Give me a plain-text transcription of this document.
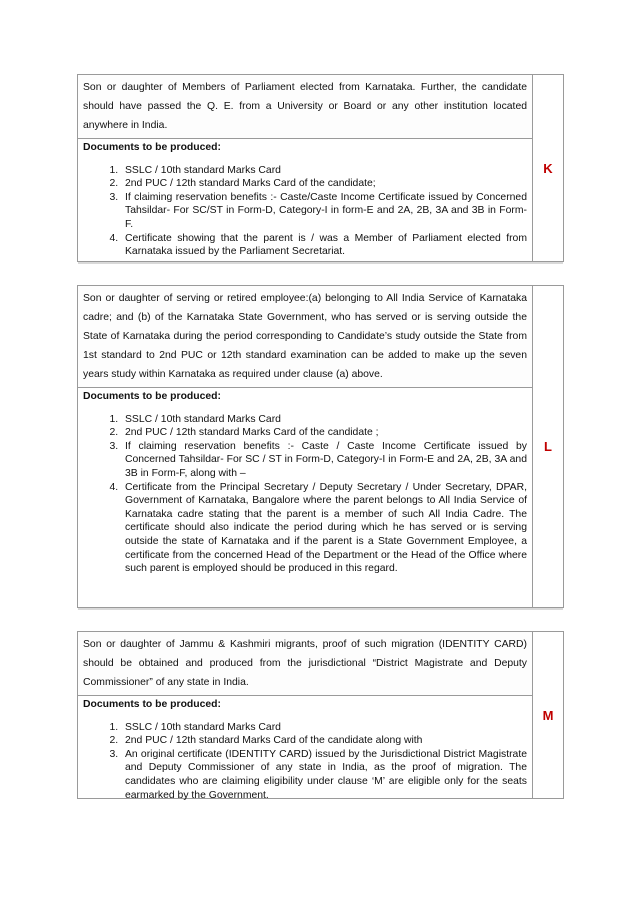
Son or daughter of Members of Parliament elected from Karnataka. Further, the candidate should have passed the Q. E. from a University or Board or any other institution located anywhere in India.
Documents to be produced:
1. SSLC / 10th standard Marks Card
2. 2nd PUC / 12th standard Marks Card of the candidate;
3. If claiming reservation benefits :- Caste/Caste Income Certificate issued by Concerned Tahsildar- For SC/ST in Form-D, Category-I in form-E and 2A, 2B, 3A and 3B in Form-F.
4. Certificate showing that the parent is / was a Member of Parliament elected from Karnataka issued by the Parliament Secretariat.
K
Son or daughter of serving or retired employee:(a) belonging to All India Service of Karnataka cadre; and (b) of the Karnataka State Government, who has served or is serving outside the State of Karnataka during the period corresponding to Candidate’s study outside the State from 1st standard to 2nd PUC or 12th standard examination can be added to make up the seven years study within Karnataka as required under clause (a) above.
Documents to be produced:
1. SSLC / 10th standard Marks Card
2. 2nd PUC / 12th standard Marks Card of the candidate ;
3. If claiming reservation benefits :- Caste / Caste Income Certificate issued by Concerned Tahsildar- For SC / ST in Form-D, Category-I in Form-E and 2A, 2B, 3A and 3B in Form-F, along with –
4. Certificate from the Principal Secretary / Deputy Secretary / Under Secretary, DPAR, Government of Karnataka, Bangalore where the parent belongs to All India Service of Karnataka cadre stating that the parent is a member of such All India Cadre. The certificate should also indicate the period during which he has served or is serving outside the state of Karnataka and if the parent is a State Government Employee, a certificate from the concerned Head of the Department or the Head of the Office where such parent is employed should be produced in this regard.
L
Son or daughter of Jammu & Kashmiri migrants, proof of such migration (IDENTITY CARD) should be obtained and produced from the jurisdictional “District Magistrate and Deputy Commissioner” of any state in India.
Documents to be produced:
1. SSLC / 10th standard Marks Card
2. 2nd PUC / 12th standard Marks Card of the candidate along with
3. An original certificate (IDENTITY CARD) issued by the Jurisdictional District Magistrate and Deputy Commissioner of any state in India, as the proof of migration. The candidates who are claiming eligibility under clause ‘M’ are eligible only for the seats earmarked by the Government.
M
